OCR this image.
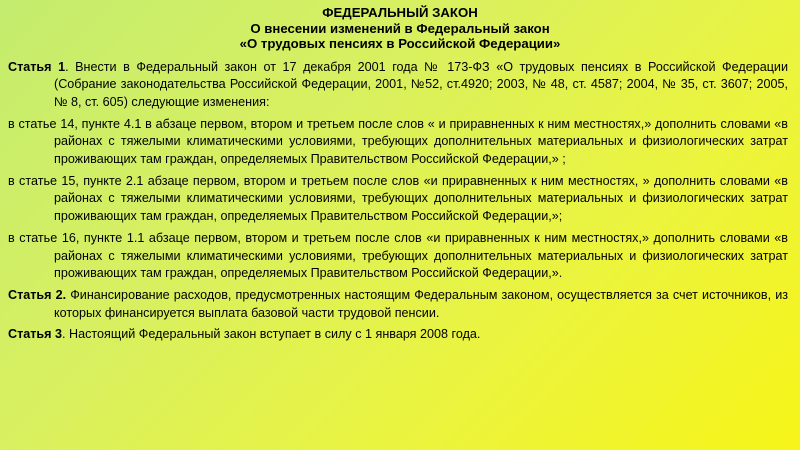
ФЕДЕРАЛЬНЫЙ ЗАКОН
О внесении изменений в Федеральный закон
«О трудовых пенсиях в Российской Федерации»
Статья 1. Внести в Федеральный закон от 17 декабря 2001 года № 173-ФЗ «О трудовых пенсиях в Российской Федерации (Собрание законодательства Российской Федерации, 2001, №52, ст.4920; 2003, № 48, ст. 4587; 2004, № 35, ст. 3607; 2005, № 8, ст. 605) следующие изменения:
в статье 14, пункте 4.1 в абзаце первом, втором и третьем после слов « и приравненных к ним местностях,» дополнить словами «в районах с тяжелыми климатическими условиями, требующих дополнительных материальных и физиологических затрат проживающих там граждан, определяемых Правительством Российской Федерации,» ;
в статье 15, пункте 2.1 абзаце первом, втором и третьем после слов «и приравненных к ним местностях, » дополнить словами «в районах с тяжелыми климатическими условиями, требующих дополнительных материальных и физиологических затрат проживающих там граждан, определяемых Правительством Российской Федерации,»;
в статье 16, пункте 1.1 абзаце первом, втором и третьем после слов «и приравненных к ним местностях,» дополнить словами «в районах с тяжелыми климатическими условиями, требующих дополнительных материальных и физиологических затрат проживающих там граждан, определяемых Правительством Российской Федерации,».
Статья 2. Финансирование расходов, предусмотренных настоящим Федеральным законом, осуществляется за счет источников, из которых финансируется выплата базовой части трудовой пенсии.
Статья 3. Настоящий Федеральный закон вступает в силу с 1 января 2008 года.
